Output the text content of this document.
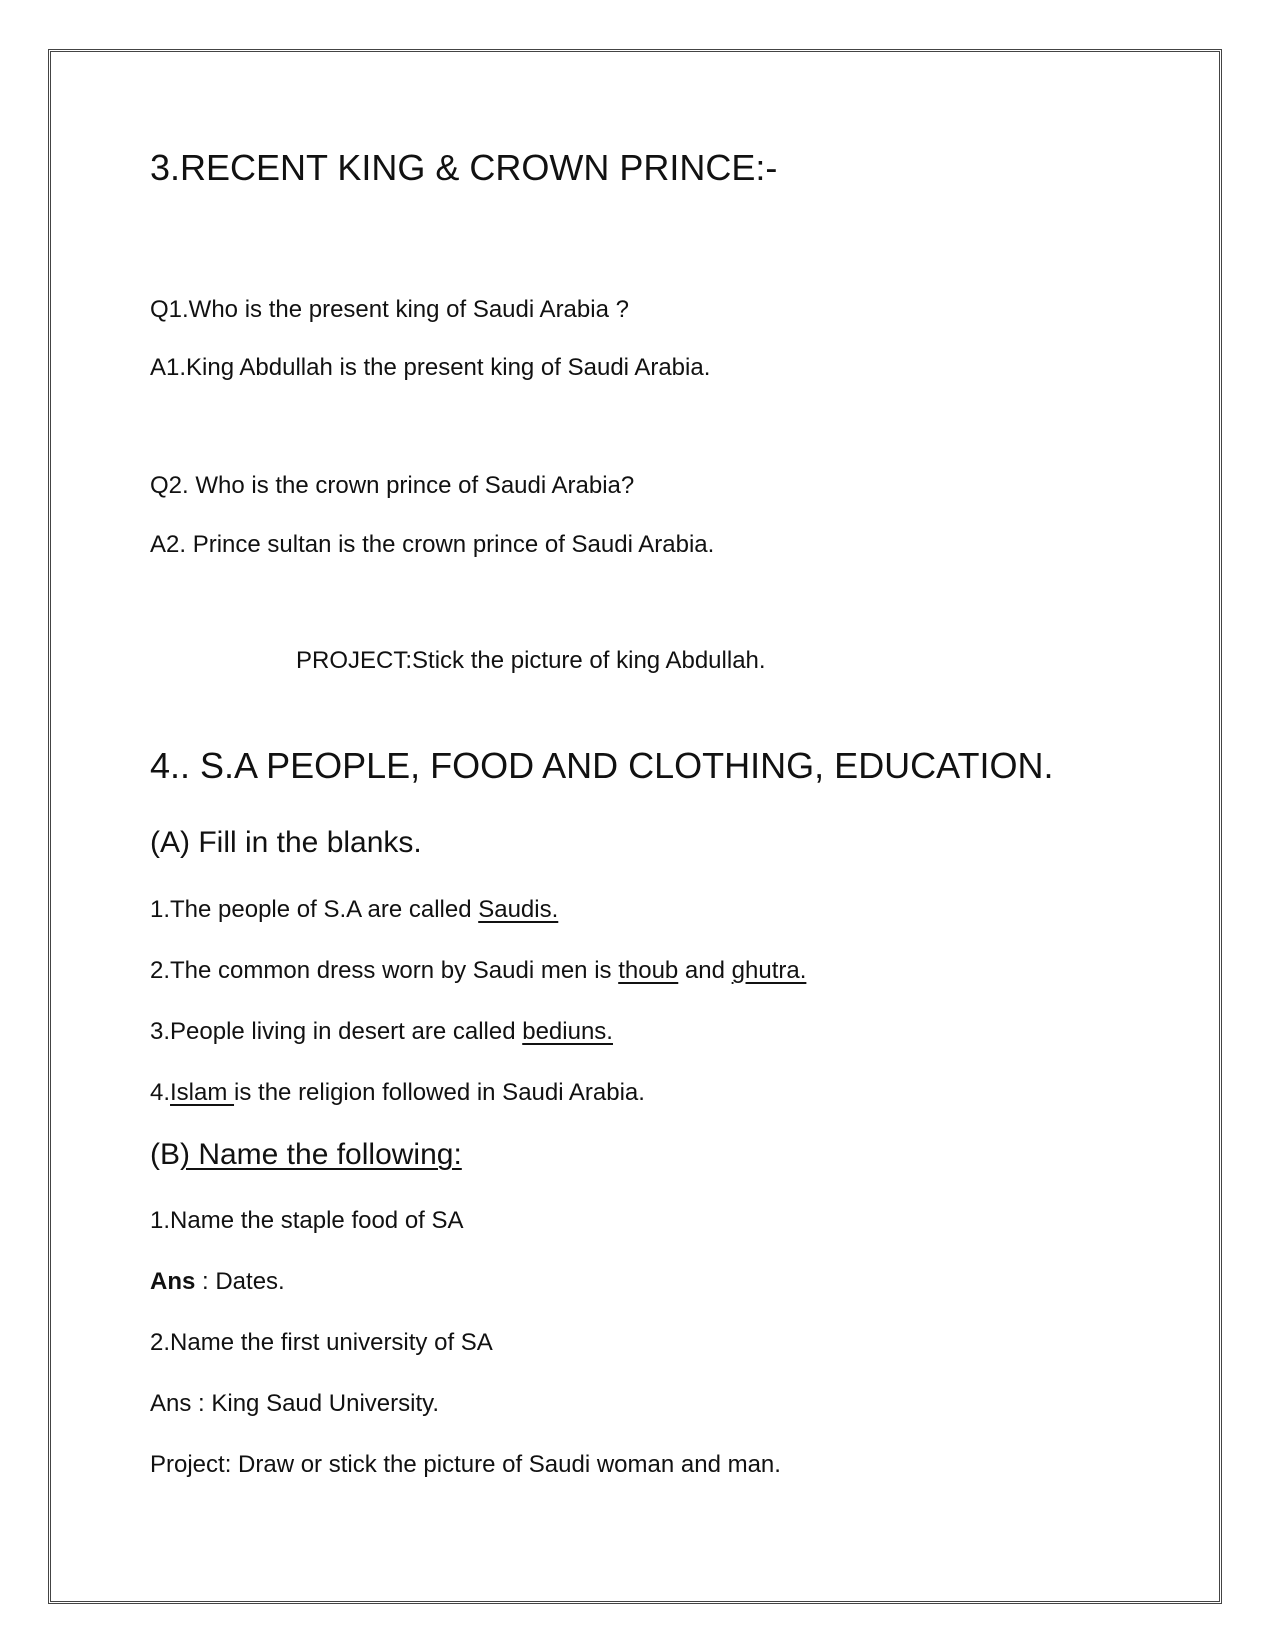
3.RECENT KING & CROWN PRINCE:-
Q1.Who is the present king of Saudi Arabia ?
A1.King Abdullah is the present king of Saudi Arabia.
Q2. Who is the crown prince of Saudi Arabia?
A2. Prince sultan is the crown prince of Saudi Arabia.
PROJECT:Stick the picture of king Abdullah.
4.. S.A PEOPLE, FOOD AND CLOTHING, EDUCATION.
(A) Fill in the blanks.
1.The people of S.A are called Saudis.
2.The common dress worn by Saudi men is thoub and ghutra.
3.People living in desert are called bediuns.
4.Islam is the religion followed in Saudi Arabia.
(B) Name the following:
1.Name the staple food of SA
Ans : Dates.
2.Name the first university of SA
Ans : King Saud University.
Project: Draw or stick the picture of Saudi woman and man.
